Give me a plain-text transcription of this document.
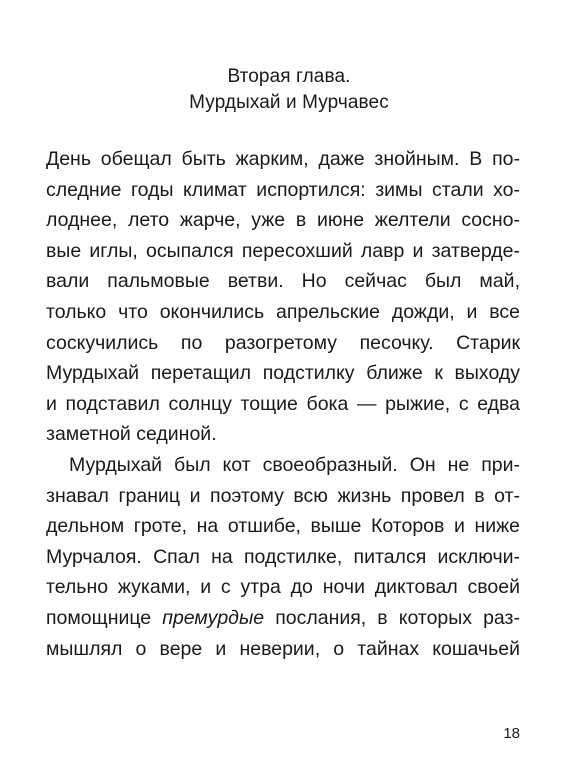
Вторая глава.
Мурдыхай и Мурчавес
День обещал быть жарким, даже знойным. В по-
следние годы климат испортился: зимы стали хо-
лоднее, лето жарче, уже в июне желтели сосно-
вые иглы, осыпался пересохший лавр и затверде-
вали пальмовые ветви. Но сейчас был май,
только что окончились апрельские дожди, и все
соскучились по разогретому песочку. Старик
Мурдыхай перетащил подстилку ближе к выходу
и подставил солнцу тощие бока — рыжие, с едва
заметной сединой.
Мурдыхай был кот своеобразный. Он не при-
знавал границ и поэтому всю жизнь провел в от-
дельном гроте, на отшибе, выше Которов и ниже
Мурчалоя. Спал на подстилке, питался исключи-
тельно жуками, и с утра до ночи диктовал своей
помощнице премурдые послания, в которых раз-
мышлял о вере и неверии, о тайнах кошачьей
18
